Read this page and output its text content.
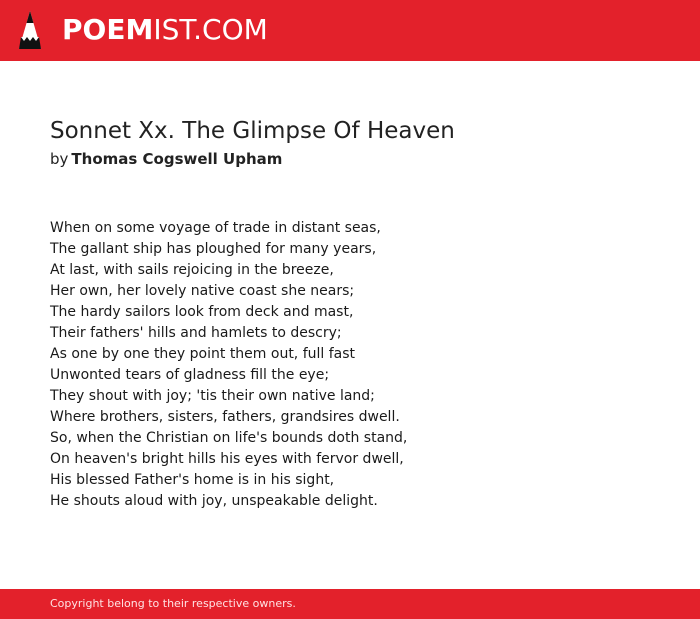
POEMIST.COM
Sonnet Xx. The Glimpse Of Heaven
by Thomas Cogswell Upham
When on some voyage of trade in distant seas,
The gallant ship has ploughed for many years,
At last, with sails rejoicing in the breeze,
Her own, her lovely native coast she nears;
The hardy sailors look from deck and mast,
Their fathers' hills and hamlets to descry;
As one by one they point them out, full fast
Unwonted tears of gladness fill the eye;
They shout with joy; 'tis their own native land;
Where brothers, sisters, fathers, grandsires dwell.
So, when the Christian on life's bounds doth stand,
On heaven's bright hills his eyes with fervor dwell,
His blessed Father's home is in his sight,
He shouts aloud with joy, unspeakable delight.
Copyright belong to their respective owners.
